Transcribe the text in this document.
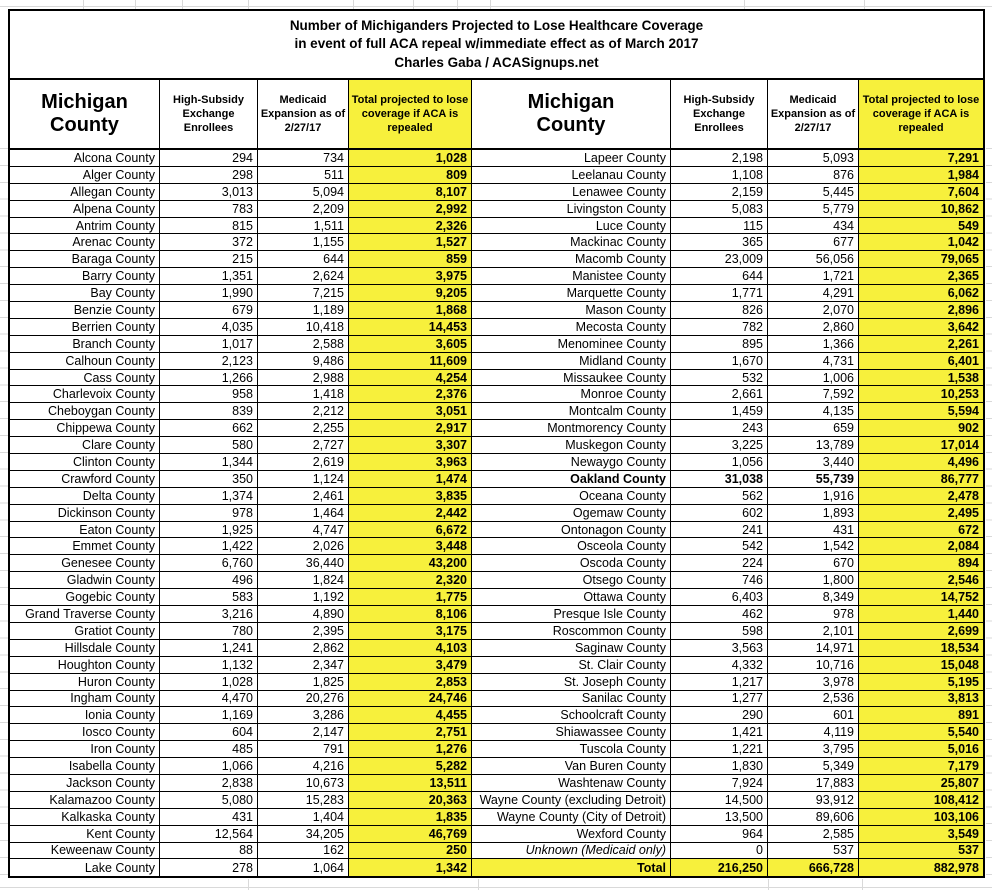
Number of Michiganders Projected to Lose Healthcare Coverage
in event of full ACA repeal w/immediate effect as of March 2017
Charles Gaba / ACASignups.net
Michigan County
High-Subsidy Exchange Enrollees
Medicaid Expansion as of 2/27/17
Total projected to lose coverage if ACA is repealed
Michigan County
High-Subsidy Exchange Enrollees
Medicaid Expansion as of 2/27/17
Total projected to lose coverage if ACA is repealed
Alcona County	294	734	1,028	Lapeer County	2,198	5,093	7,291
Alger County	298	511	809	Leelanau County	1,108	876	1,984
Allegan County	3,013	5,094	8,107	Lenawee County	2,159	5,445	7,604
Alpena County	783	2,209	2,992	Livingston County	5,083	5,779	10,862
Antrim County	815	1,511	2,326	Luce County	115	434	549
Arenac County	372	1,155	1,527	Mackinac County	365	677	1,042
Baraga County	215	644	859	Macomb County	23,009	56,056	79,065
Barry County	1,351	2,624	3,975	Manistee County	644	1,721	2,365
Bay County	1,990	7,215	9,205	Marquette County	1,771	4,291	6,062
Benzie County	679	1,189	1,868	Mason County	826	2,070	2,896
Berrien County	4,035	10,418	14,453	Mecosta County	782	2,860	3,642
Branch County	1,017	2,588	3,605	Menominee County	895	1,366	2,261
Calhoun County	2,123	9,486	11,609	Midland County	1,670	4,731	6,401
Cass County	1,266	2,988	4,254	Missaukee County	532	1,006	1,538
Charlevoix County	958	1,418	2,376	Monroe County	2,661	7,592	10,253
Cheboygan County	839	2,212	3,051	Montcalm County	1,459	4,135	5,594
Chippewa County	662	2,255	2,917	Montmorency County	243	659	902
Clare County	580	2,727	3,307	Muskegon County	3,225	13,789	17,014
Clinton County	1,344	2,619	3,963	Newaygo County	1,056	3,440	4,496
Crawford County	350	1,124	1,474	Oakland County	31,038	55,739	86,777
Delta County	1,374	2,461	3,835	Oceana County	562	1,916	2,478
Dickinson County	978	1,464	2,442	Ogemaw County	602	1,893	2,495
Eaton County	1,925	4,747	6,672	Ontonagon County	241	431	672
Emmet County	1,422	2,026	3,448	Osceola County	542	1,542	2,084
Genesee County	6,760	36,440	43,200	Oscoda County	224	670	894
Gladwin County	496	1,824	2,320	Otsego County	746	1,800	2,546
Gogebic County	583	1,192	1,775	Ottawa County	6,403	8,349	14,752
Grand Traverse County	3,216	4,890	8,106	Presque Isle County	462	978	1,440
Gratiot County	780	2,395	3,175	Roscommon County	598	2,101	2,699
Hillsdale County	1,241	2,862	4,103	Saginaw County	3,563	14,971	18,534
Houghton County	1,132	2,347	3,479	St. Clair County	4,332	10,716	15,048
Huron County	1,028	1,825	2,853	St. Joseph County	1,217	3,978	5,195
Ingham County	4,470	20,276	24,746	Sanilac County	1,277	2,536	3,813
Ionia County	1,169	3,286	4,455	Schoolcraft County	290	601	891
Iosco County	604	2,147	2,751	Shiawassee County	1,421	4,119	5,540
Iron County	485	791	1,276	Tuscola County	1,221	3,795	5,016
Isabella County	1,066	4,216	5,282	Van Buren County	1,830	5,349	7,179
Jackson County	2,838	10,673	13,511	Washtenaw County	7,924	17,883	25,807
Kalamazoo County	5,080	15,283	20,363	Wayne County (excluding Detroit)	14,500	93,912	108,412
Kalkaska County	431	1,404	1,835	Wayne County (City of Detroit)	13,500	89,606	103,106
Kent County	12,564	34,205	46,769	Wexford County	964	2,585	3,549
Keweenaw County	88	162	250	Unknown (Medicaid only)	0	537	537
Lake County	278	1,064	1,342	Total	216,250	666,728	882,978
